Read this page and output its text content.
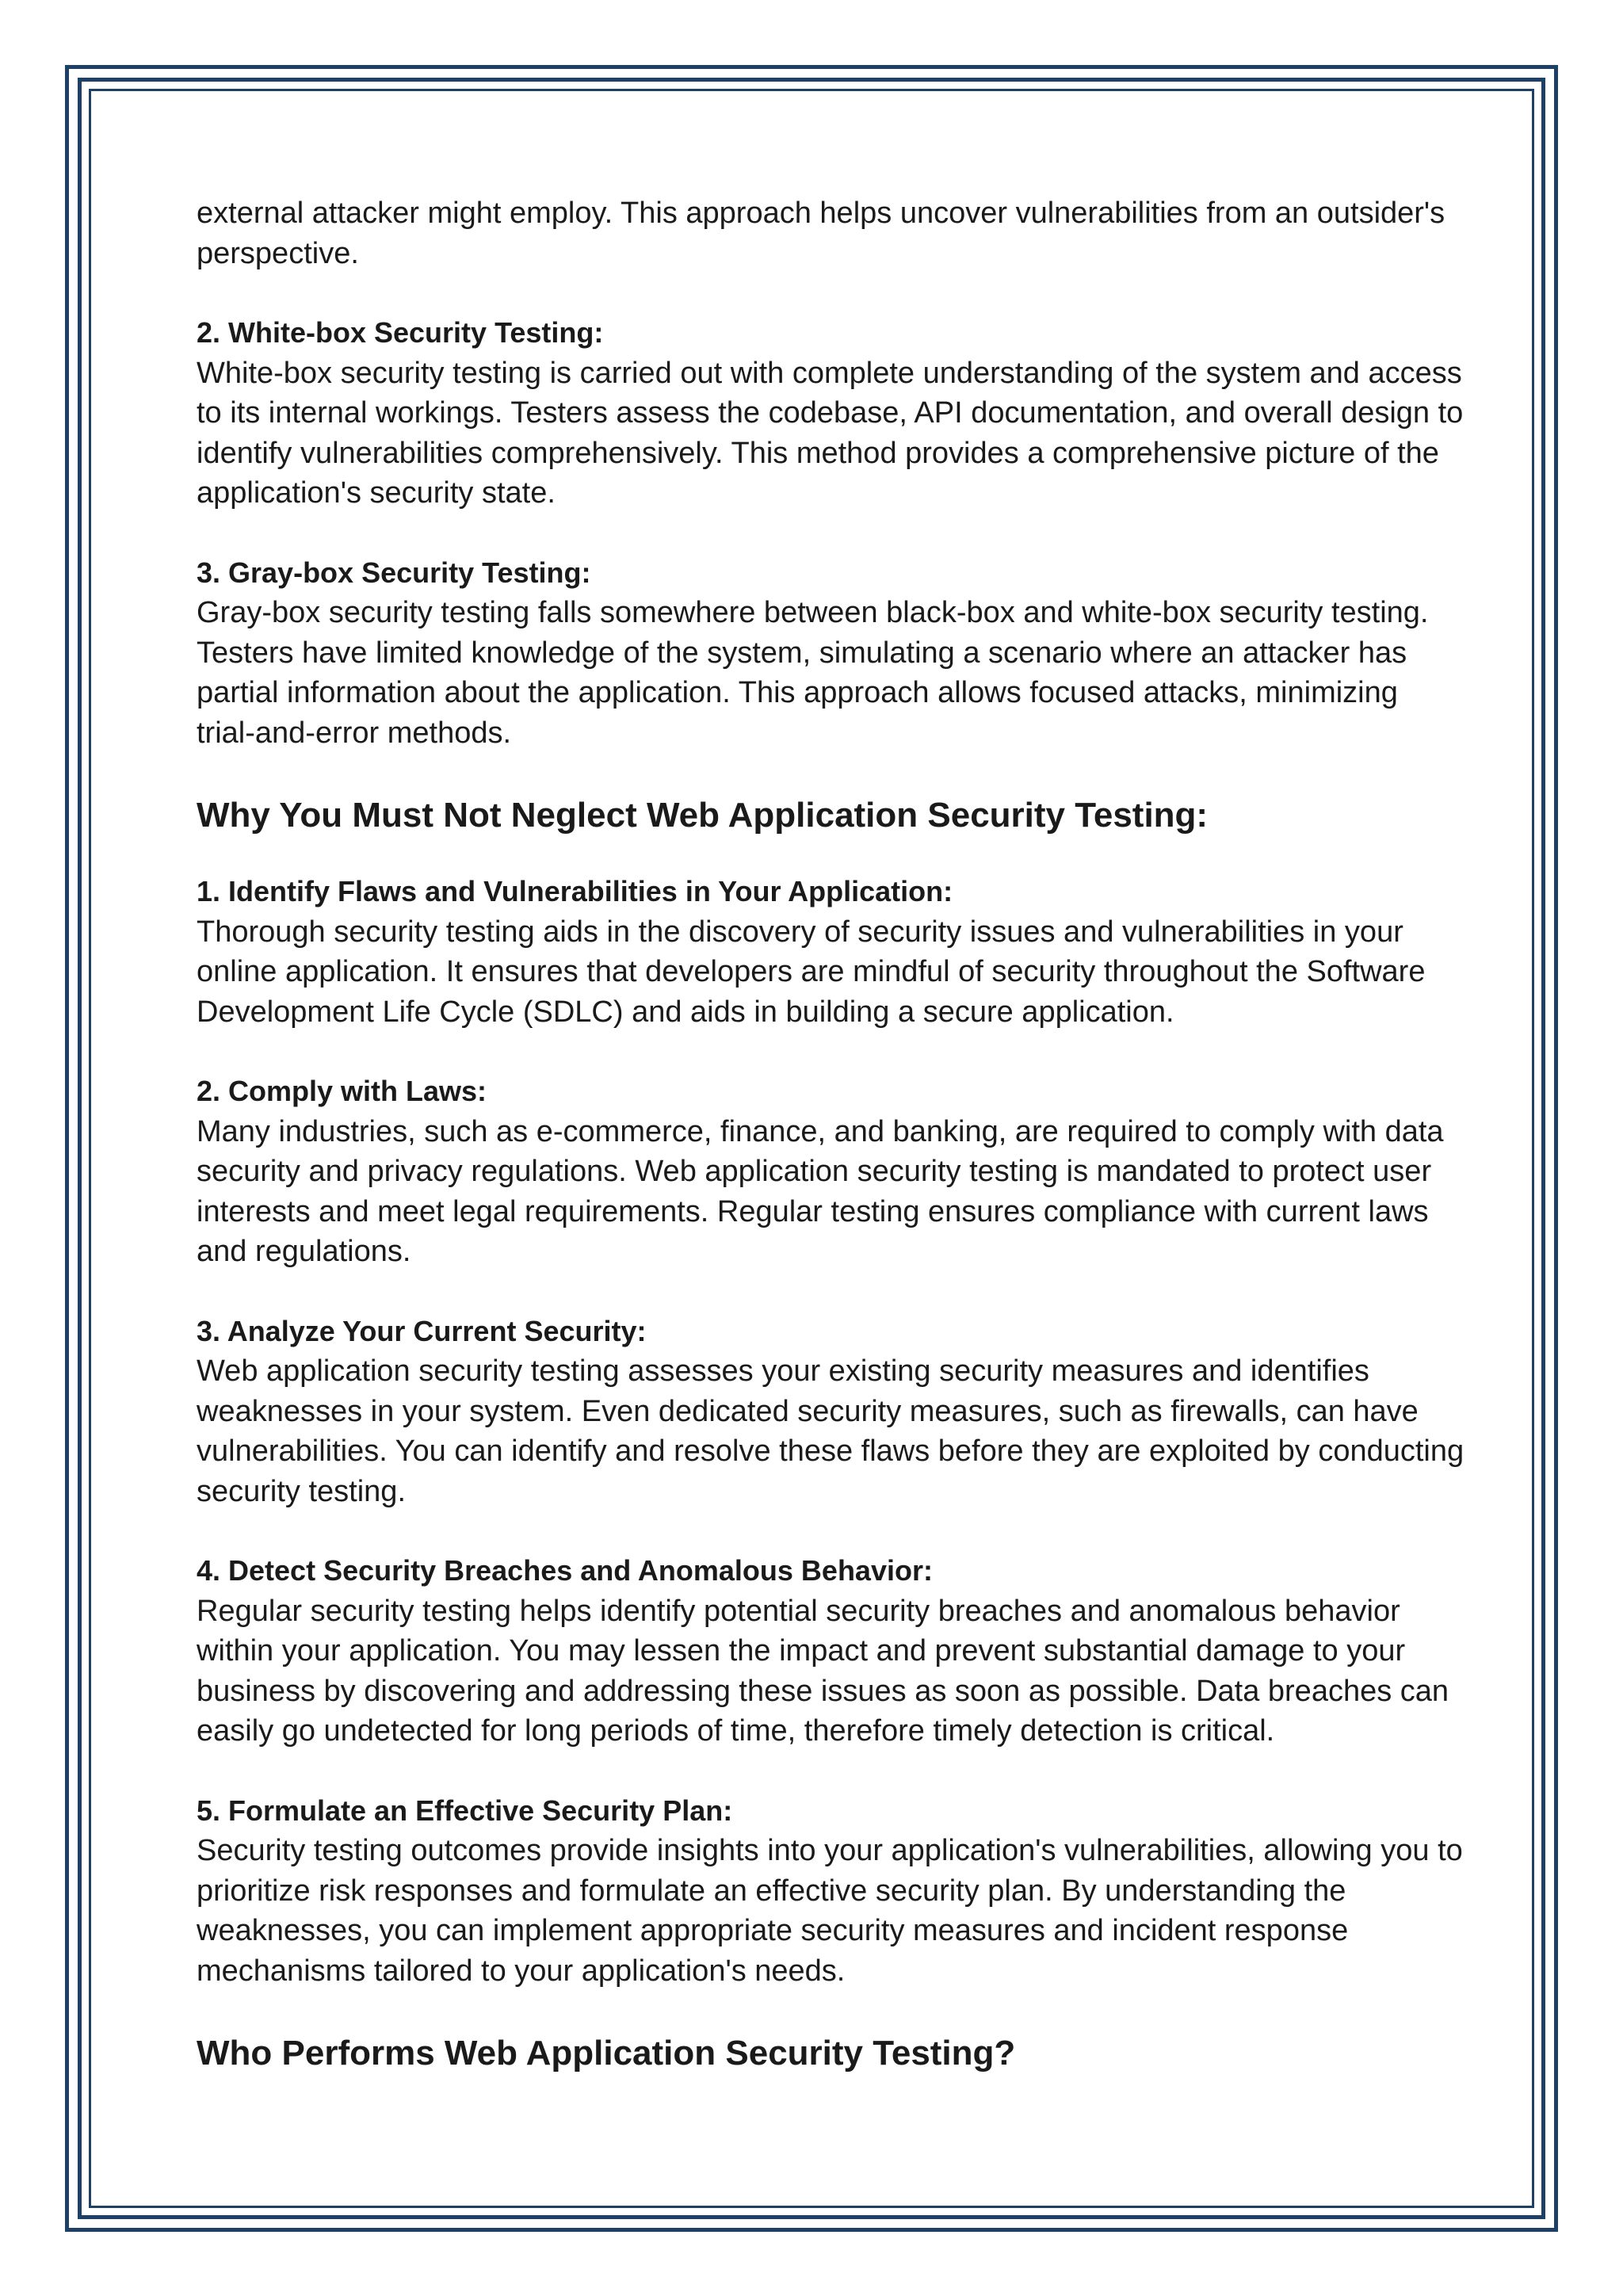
external attacker might employ. This approach helps uncover vulnerabilities from an outsider's perspective.

2. White-box Security Testing:

White-box security testing is carried out with complete understanding of the system and access to its internal workings. Testers assess the codebase, API documentation, and overall design to identify vulnerabilities comprehensively. This method provides a comprehensive picture of the application's security state.

3. Gray-box Security Testing:

Gray-box security testing falls somewhere between black-box and white-box security testing. Testers have limited knowledge of the system, simulating a scenario where an attacker has partial information about the application. This approach allows focused attacks, minimizing trial-and-error methods.

Why You Must Not Neglect Web Application Security Testing:
1. Identify Flaws and Vulnerabilities in Your Application:

Thorough security testing aids in the discovery of security issues and vulnerabilities in your online application. It ensures that developers are mindful of security throughout the Software Development Life Cycle (SDLC) and aids in building a secure application.

2. Comply with Laws:

Many industries, such as e-commerce, finance, and banking, are required to comply with data security and privacy regulations. Web application security testing is mandated to protect user interests and meet legal requirements. Regular testing ensures compliance with current laws and regulations.

3. Analyze Your Current Security:

Web application security testing assesses your existing security measures and identifies weaknesses in your system. Even dedicated security measures, such as firewalls, can have vulnerabilities. You can identify and resolve these flaws before they are exploited by conducting security testing.

4. Detect Security Breaches and Anomalous Behavior:

Regular security testing helps identify potential security breaches and anomalous behavior within your application. You may lessen the impact and prevent substantial damage to your business by discovering and addressing these issues as soon as possible. Data breaches can easily go undetected for long periods of time, therefore timely detection is critical.

5. Formulate an Effective Security Plan:

Security testing outcomes provide insights into your application's vulnerabilities, allowing you to prioritize risk responses and formulate an effective security plan. By understanding the weaknesses, you can implement appropriate security measures and incident response mechanisms tailored to your application's needs.

Who Performs Web Application Security Testing?
